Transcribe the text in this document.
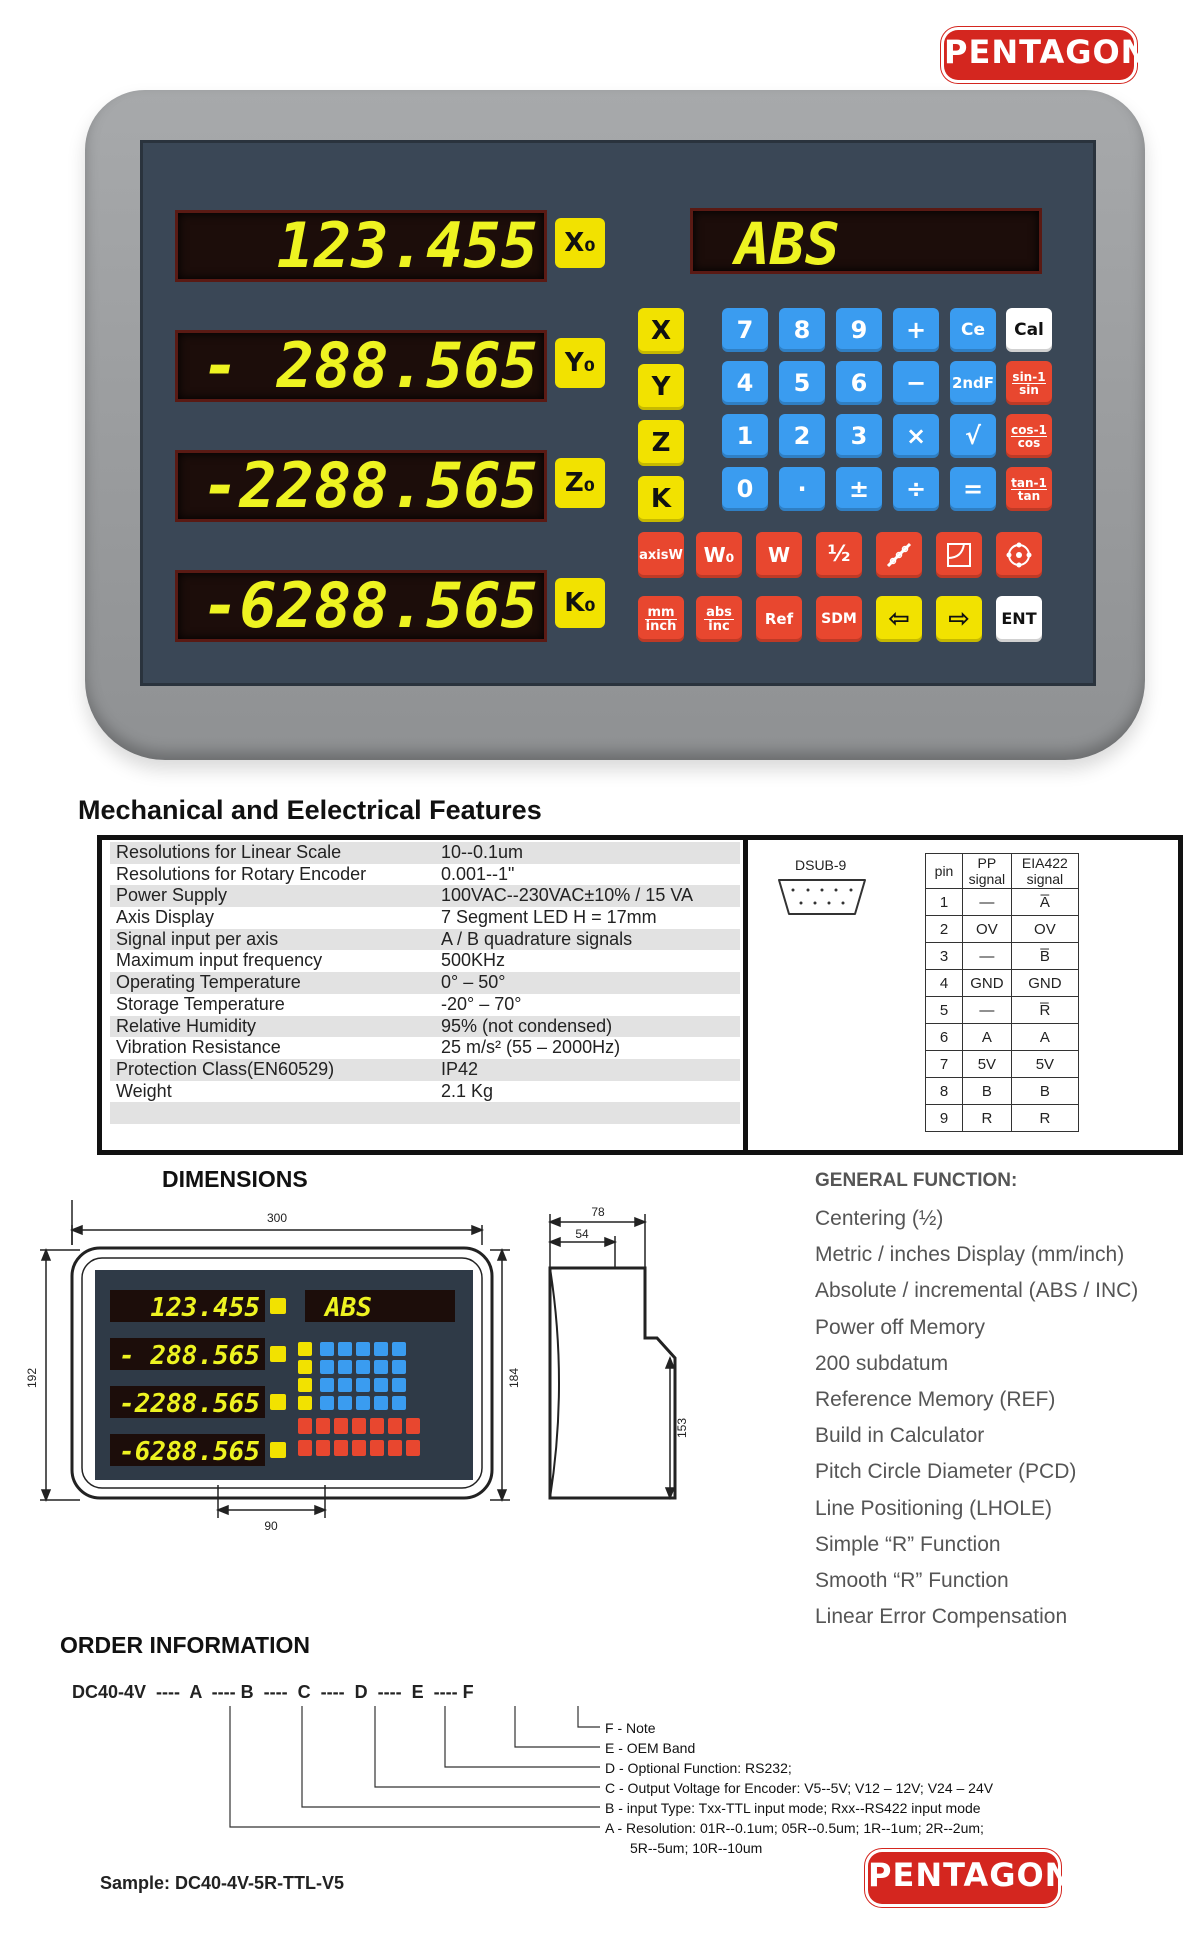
PENTAGON
123.455
- 288.565
-2288.565
-6288.565
ABS
X₀
Y₀
Z₀
K₀
X
Y
Z
K
7	8	9	+	Ce	Cal
4	5	6	−	2ndF sin-1
sin
1	2	3	×	√	cos-1
cos
0	·	±	÷	=	tan-1
tan
axisW	W₀	W	½
mm
inch
abs
inc	Ref	SDM	⇦	⇨	ENT
Mechanical and Eelectrical Features
Resolutions for Linear Scale	10--0.1um
Resolutions for Rotary Encoder	0.001--1"
Power Supply	100VAC--230VAC±10% / 15 VA
Axis Display	7 Segment LED H = 17mm
Signal input per axis	A / B quadrature signals
Maximum input frequency	500KHz
Operating Temperature	0° – 50°
Storage Temperature	-20° – 70°
Relative Humidity	95% (not condensed)
Vibration Resistance	25 m/s² (55 – 2000Hz)
Protection Class(EN60529)	IP42
Weight	2.1 Kg
DSUB-9	pin	PP signal	EIA422 signal
1	—	A̅
2	OV	OV
3	—	B̅
4	GND	GND
5	—	R̅
6	A	A
7	5V	5V
8	B	B
9	R	R
DIMENSIONS
123.455
- 288.565
-2288.565
-6288.565
ABS
300
192	184
90
78
54
153
GENERAL FUNCTION:
Centering (½)
Metric / inches Display (mm/inch)
Absolute / incremental (ABS / INC)
Power off Memory
200 subdatum
Reference Memory (REF)
Build in Calculator
Pitch Circle Diameter (PCD)
Line Positioning (LHOLE)
Simple “R” Function
Smooth “R” Function
Linear Error Compensation
ORDER INFORMATION
DC40-4V  ----  A  ---- B  ----  C  ----  D  ----  E  ---- F
F - Note
E - OEM Band
D - Optional Function: RS232;
C - Output Voltage for Encoder: V5--5V; V12 – 12V; V24 – 24V
B - input Type: Txx-TTL input mode; Rxx--RS422 input mode
A - Resolution: 01R--0.1um; 05R--0.5um; 1R--1um; 2R--2um;
5R--5um; 10R--10um
Sample: DC40-4V-5R-TTL-V5	PENTAGON
Web: www.pentagonmachine.com
